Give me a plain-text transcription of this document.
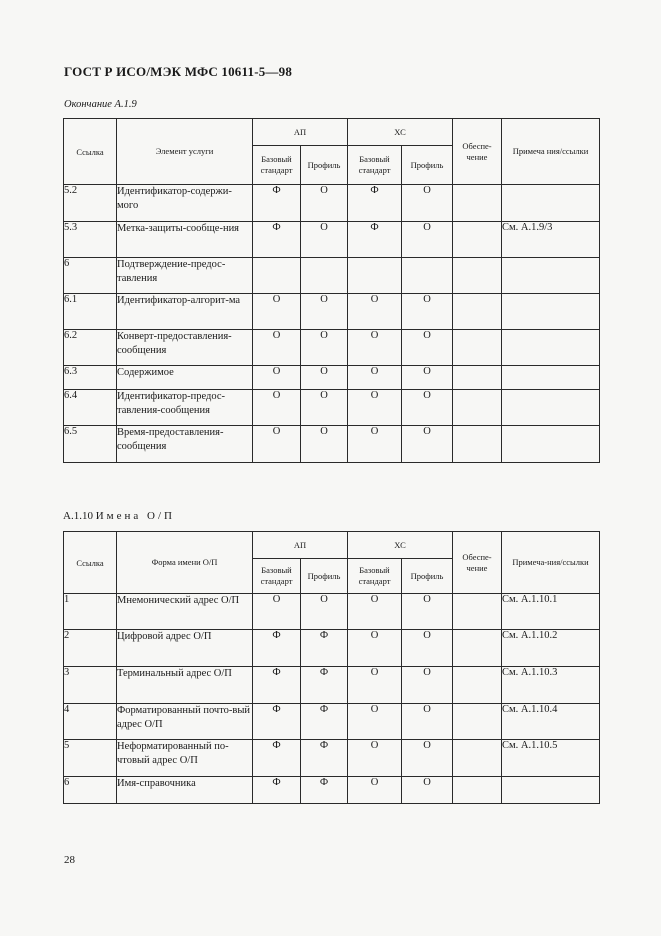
ГОСТ Р ИСО/МЭК МФС 10611-5—98
Окончание А.1.9
Ссылка	Элемент услуги	АП		ХС		Обеспе-чение	Примеча ния/ссылки
		Базовый стандарт	Профиль	Базовый стандарт	Профиль		
5.2	Идентификатор-содержи-мого	Ф	О	Ф	О		
5.3	Метка-защиты-сообще-ния	Ф	О	Ф	О		См. А.1.9/3
6	Подтверждение-предос-тавления						
6.1	Идентификатор-алгорит-ма	О	О	О	О		
6.2	Конверт-предоставления-сообщения	О	О	О	О		
6.3	Содержимое	О	О	О	О		
6.4	Идентификатор-предос-тавления-сообщения	О	О	О	О		
6.5	Время-предоставления-сообщения	О	О	О	О		
А.1.10 Имена О/П
Ссылка	Форма имени О/П	АП		ХС		Обеспе-чение	Примеча-ния/ссылки
		Базовый стандарт	Профиль	Базовый стандарт	Профиль		
1	Мнемонический адрес О/П	О	О	О	О		См. А.1.10.1
2	Цифровой адрес О/П	Ф	Ф	О	О		См. А.1.10.2
3	Терминальный адрес О/П	Ф	Ф	О	О		См. А.1.10.3
4	Форматированный почто-вый адрес О/П	Ф	Ф	О	О		См. А.1.10.4
5	Неформатированный по-чтовый адрес О/П	Ф	Ф	О	О		См. А.1.10.5
6	Имя-справочника	Ф	Ф	О	О		
28
